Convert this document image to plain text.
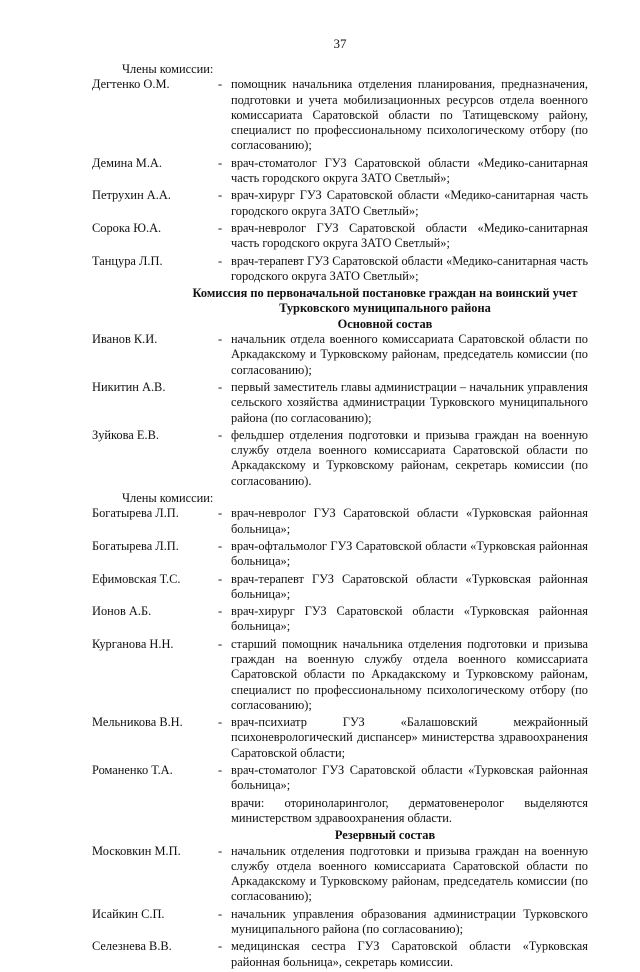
37
Члены комиссии:
Дегтенко О.М.	- помощник начальника отделения планирования, предназначения, подготовки и учета мобилизационных ресурсов отдела военного комиссариата Саратовской области по Татищевскому району, специалист по профессиональному психологическому отбору (по согласованию);
Демина М.А.	- врач-стоматолог ГУЗ Саратовской области «Медико-санитарная часть городского округа ЗАТО Светлый»;
Петрухин А.А.	- врач-хирург ГУЗ Саратовской области «Медико-санитарная часть городского округа ЗАТО Светлый»;
Сорока Ю.А.	- врач-невролог ГУЗ Саратовской области «Медико-санитарная часть городского округа ЗАТО Светлый»;
Танцура Л.П.	- врач-терапевт ГУЗ Саратовской области «Медико-санитарная часть городского округа ЗАТО Светлый»;
Комиссия по первоначальной постановке граждан на воинский учет
Турковского муниципального района
Основной состав
Иванов К.И.	- начальник отдела военного комиссариата Саратовской области по Аркадакскому и Турковскому районам, председатель комиссии (по согласованию);
Никитин А.В.	- первый заместитель главы администрации – начальник управления сельского хозяйства администрации Турковского муниципального района (по согласованию);
Зуйкова Е.В.	- фельдшер отделения подготовки и призыва граждан на военную службу отдела военного комиссариата Саратовской области по Аркадакскому и Турковскому районам, секретарь комиссии (по согласованию).
Члены комиссии:
Богатырева Л.П.	- врач-невролог ГУЗ Саратовской области «Турковская районная больница»;
Богатырева Л.П.	- врач-офтальмолог ГУЗ Саратовской области «Турковская районная больница»;
Ефимовская Т.С.	- врач-терапевт ГУЗ Саратовской области «Турковская районная больница»;
Ионов А.Б.	- врач-хирург ГУЗ Саратовской области «Турковская районная больница»;
Курганова Н.Н.	- старший помощник начальника отделения подготовки и призыва граждан на военную службу отдела военного комиссариата Саратовской области по Аркадакскому и Турковскому районам, специалист по профессиональному психологическому отбору (по согласованию);
Мельникова В.Н.	- врач-психиатр ГУЗ «Балашовский межрайонный психоневрологический диспансер» министерства здравоохранения Саратовской области;
Романенко Т.А.	- врач-стоматолог ГУЗ Саратовской области «Турковская районная больница»;
врачи: оториноларинголог, дерматовенеролог выделяются министерством здравоохранения области.
Резервный состав
Московкин М.П.	- начальник отделения подготовки и призыва граждан на военную службу отдела военного комиссариата Саратовской области по Аркадакскому и Турковскому районам, председатель комиссии (по согласованию);
Исайкин С.П.	- начальник управления образования администрации Турковского муниципального района (по согласованию);
Селезнева В.В.	- медицинская сестра ГУЗ Саратовской области «Турковская районная больница», секретарь комиссии.
